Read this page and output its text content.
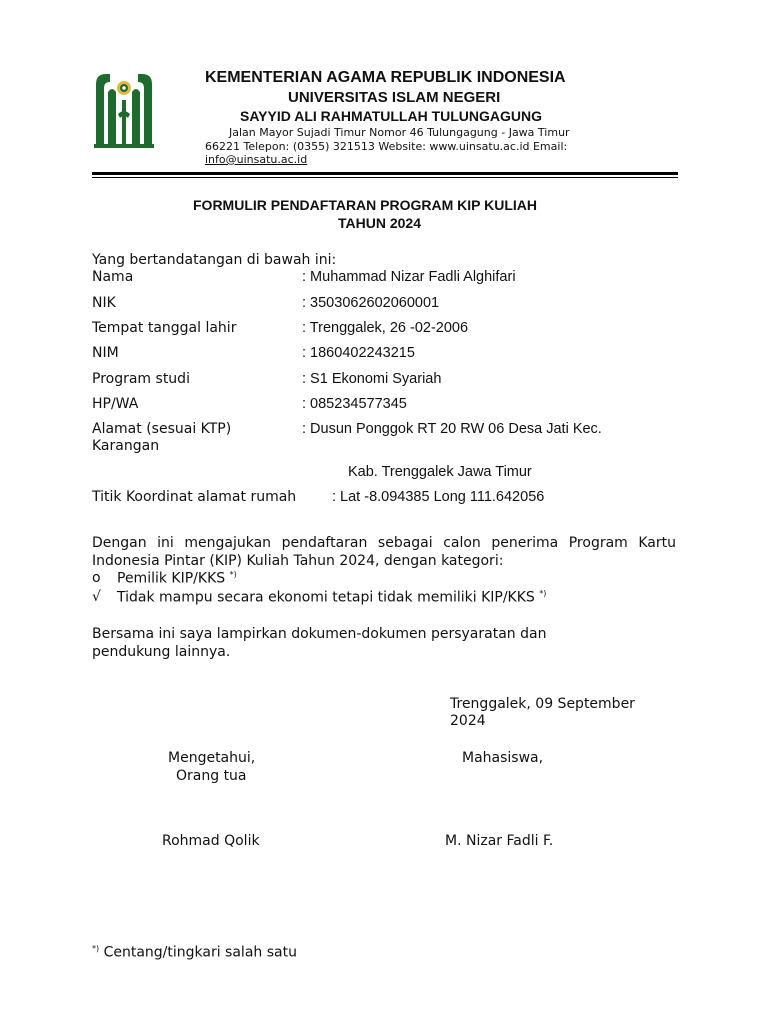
KEMENTERIAN AGAMA REPUBLIK INDONESIA
UNIVERSITAS ISLAM NEGERI
SAYYID ALI RAHMATULLAH TULUNGAGUNG
Jalan Mayor Sujadi Timur Nomor 46 Tulungagung - Jawa Timur
66221 Telepon: (0355) 321513 Website: www.uinsatu.ac.id Email:
info@uinsatu.ac.id
FORMULIR PENDAFTARAN PROGRAM KIP KULIAH
TAHUN 2024
Yang bertandatangan di bawah ini:
Nama	: Muhammad Nizar Fadli Alghifari
NIK	: 3503062602060001
Tempat tanggal lahir	: Trenggalek, 26 -02-2006
NIM	: 1860402243215
Program studi	: S1 Ekonomi Syariah
HP/WA	: 085234577345
Alamat (sesuai KTP)	: Dusun Ponggok RT 20 RW 06 Desa Jati Kec.
Karangan
Kab. Trenggalek Jawa Timur
Titik Koordinat alamat rumah : Lat -8.094385 Long 111.642056
Dengan ini mengajukan pendaftaran sebagai calon penerima Program Kartu Indonesia Pintar (KIP) Kuliah Tahun 2024, dengan kategori:
o Pemilik KIP/KKS *)
√ Tidak mampu secara ekonomi tetapi tidak memiliki KIP/KKS *)
Bersama ini saya lampirkan dokumen-dokumen persyaratan dan pendukung lainnya.
Trenggalek, 09 September
2024
Mengetahui,
Orang tua
Mahasiswa,
Rohmad Qolik	M. Nizar Fadli F.
*) Centang/tingkari salah satu
